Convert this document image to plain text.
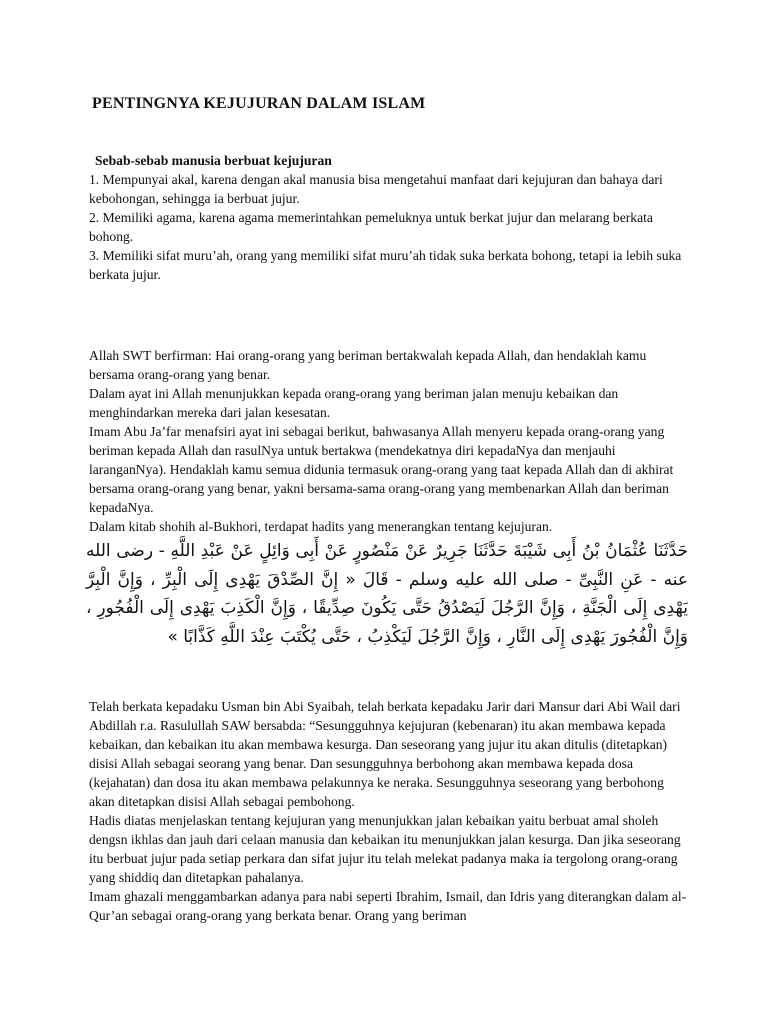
PENTINGNYA KEJUJURAN DALAM ISLAM

Sebab-sebab manusia berbuat kejujuran

1. Mempunyai akal, karena dengan akal manusia bisa mengetahui manfaat dari kejujuran dan bahaya dari kebohongan, sehingga ia berbuat jujur.

2. Memiliki agama, karena agama memerintahkan pemeluknya untuk berkat jujur dan melarang berkata bohong.

3. Memiliki sifat muru’ah, orang yang memiliki sifat muru’ah tidak suka berkata bohong, tetapi ia lebih suka berkata jujur.

Allah SWT berfirman: Hai orang-orang yang beriman bertakwalah kepada Allah, dan hendaklah kamu bersama orang-orang yang benar.

Dalam ayat ini Allah menunjukkan kepada orang-orang yang beriman jalan menuju kebaikan dan menghindarkan mereka dari jalan kesesatan.

Imam Abu Ja’far menafsiri ayat ini sebagai berikut, bahwasanya Allah menyeru kepada orang-orang yang beriman kepada Allah dan rasulNya untuk bertakwa (mendekatnya diri kepadaNya dan menjauhi laranganNya). Hendaklah kamu semua didunia termasuk orang-orang yang taat kepada Allah dan di akhirat bersama orang-orang yang benar, yakni bersama-sama orang-orang yang membenarkan Allah dan beriman kepadaNya.

Dalam kitab shohih al-Bukhori, terdapat hadits yang menerangkan tentang kejujuran.

حَدَّثَنَا عُثْمَانُ بْنُ أَبِى شَيْبَةَ حَدَّثَنَا جَرِيرٌ عَنْ مَنْصُورٍ عَنْ أَبِى وَائِلٍ عَنْ عَبْدِ اللَّهِ - رضى الله عنه - عَنِ النَّبِىِّ - صلى الله عليه وسلم - قَالَ « إِنَّ الصِّدْقَ يَهْدِى إِلَى الْبِرِّ ، وَإِنَّ الْبِرَّ يَهْدِى إِلَى الْجَنَّةِ ، وَإِنَّ الرَّجُلَ لَيَصْدُقُ حَتَّى يَكُونَ صِدِّيقًا ، وَإِنَّ الْكَذِبَ يَهْدِى إِلَى الْفُجُورِ ، وَإِنَّ الْفُجُورَ يَهْدِى إِلَى النَّارِ ، وَإِنَّ الرَّجُلَ لَيَكْذِبُ ، حَتَّى يُكْتَبَ عِنْدَ اللَّهِ كَذَّابًا »

Telah berkata kepadaku Usman bin Abi Syaibah, telah berkata kepadaku Jarir dari Mansur dari Abi Wail dari Abdillah r.a. Rasulullah SAW bersabda: “Sesungguhnya kejujuran (kebenaran) itu akan membawa kepada kebaikan, dan kebaikan itu akan membawa kesurga. Dan seseorang yang jujur itu akan ditulis (ditetapkan) disisi Allah sebagai seorang yang benar. Dan sesungguhnya berbohong akan membawa kepada dosa (kejahatan) dan dosa itu akan membawa pelakunnya ke neraka. Sesungguhnya seseorang yang berbohong akan ditetapkan disisi Allah sebagai pembohong.

Hadis diatas menjelaskan tentang kejujuran yang menunjukkan jalan kebaikan yaitu berbuat amal sholeh dengsn ikhlas dan jauh dari celaan manusia dan kebaikan itu menunjukkan jalan kesurga. Dan jika seseorang itu berbuat jujur pada setiap perkara dan sifat jujur itu telah melekat padanya maka ia tergolong orang-orang yang shiddiq dan ditetapkan pahalanya.

Imam ghazali menggambarkan adanya para nabi seperti Ibrahim, Ismail, dan Idris yang diterangkan dalam al-Qur’an sebagai orang-orang yang berkata benar. Orang yang beriman
